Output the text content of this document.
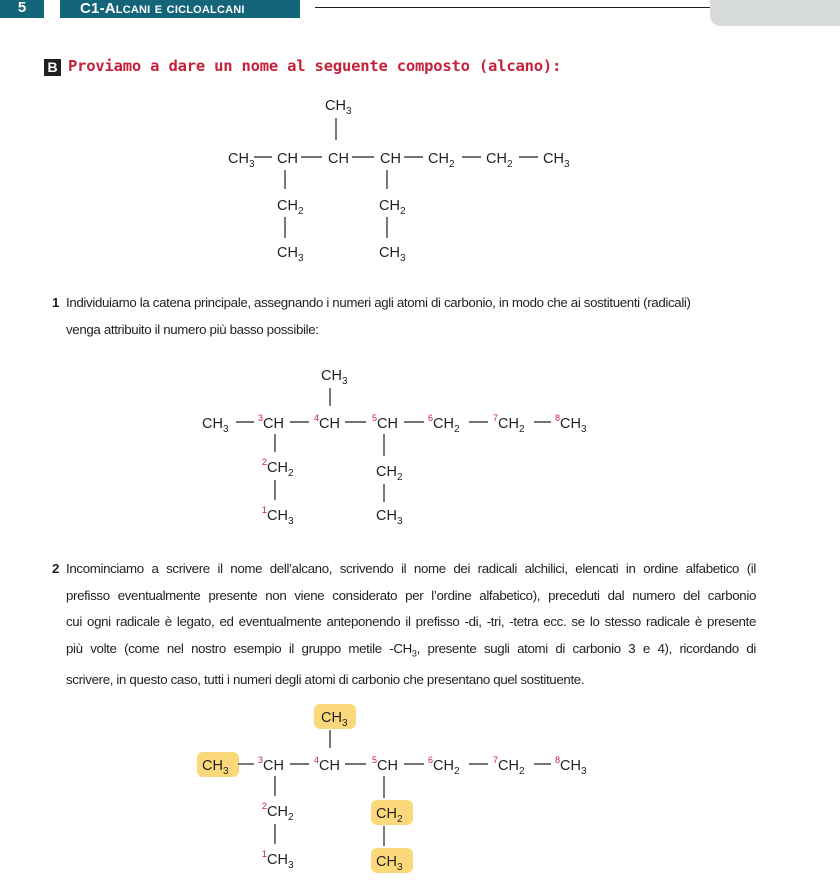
5	C1-Alcani e cicloalcani
B Proviamo a dare un nome al seguente composto (alcano):
$CH_3$
$CH_3$ CH CH CH $CH_2$ $CH_2$ $CH_3$
$CH_2$
$CH_3$
$CH_2$
$CH_3$
1 Individuiamo la catena principale, assegnando i numeri agli atomi di carbonio, in modo che ai sostituenti (radicali)
venga attribuito il numero più basso possibile:
$CH_3$
$CH_3$
$^3$CH	$^4$CH	$^5$CH	$^6CH_2$
$^7CH_2$
$^8CH_3$
$^2CH_2$
$^1CH_3$
$CH_2$
$CH_3$
2 Incominciamo a scrivere il nome dell’alcano, scrivendo il nome dei radicali alchilici, elencati in ordine alfabetico (il
prefisso eventualmente presente non viene considerato per l’ordine alfabetico), preceduti dal numero del carbonio
cui ogni radicale è legato, ed eventualmente anteponendo il prefisso -di, -tri, -tetra ecc. se lo stesso radicale è presente
più volte (come nel nostro esempio il gruppo metile $-CH_3$, presente sugli atomi di carbonio 3 e 4), ricordando di
scrivere, in questo caso, tutti i numeri degli atomi di carbonio che presentano quel sostituente.
$CH_3$
$CH_3$
$^3$CH	$^4$CH	$^5$CH	$^6CH_2$
$^7CH_2$
$^8CH_3$
$^2CH_2$
$^1CH_3$
$CH_2$
$CH_3$
